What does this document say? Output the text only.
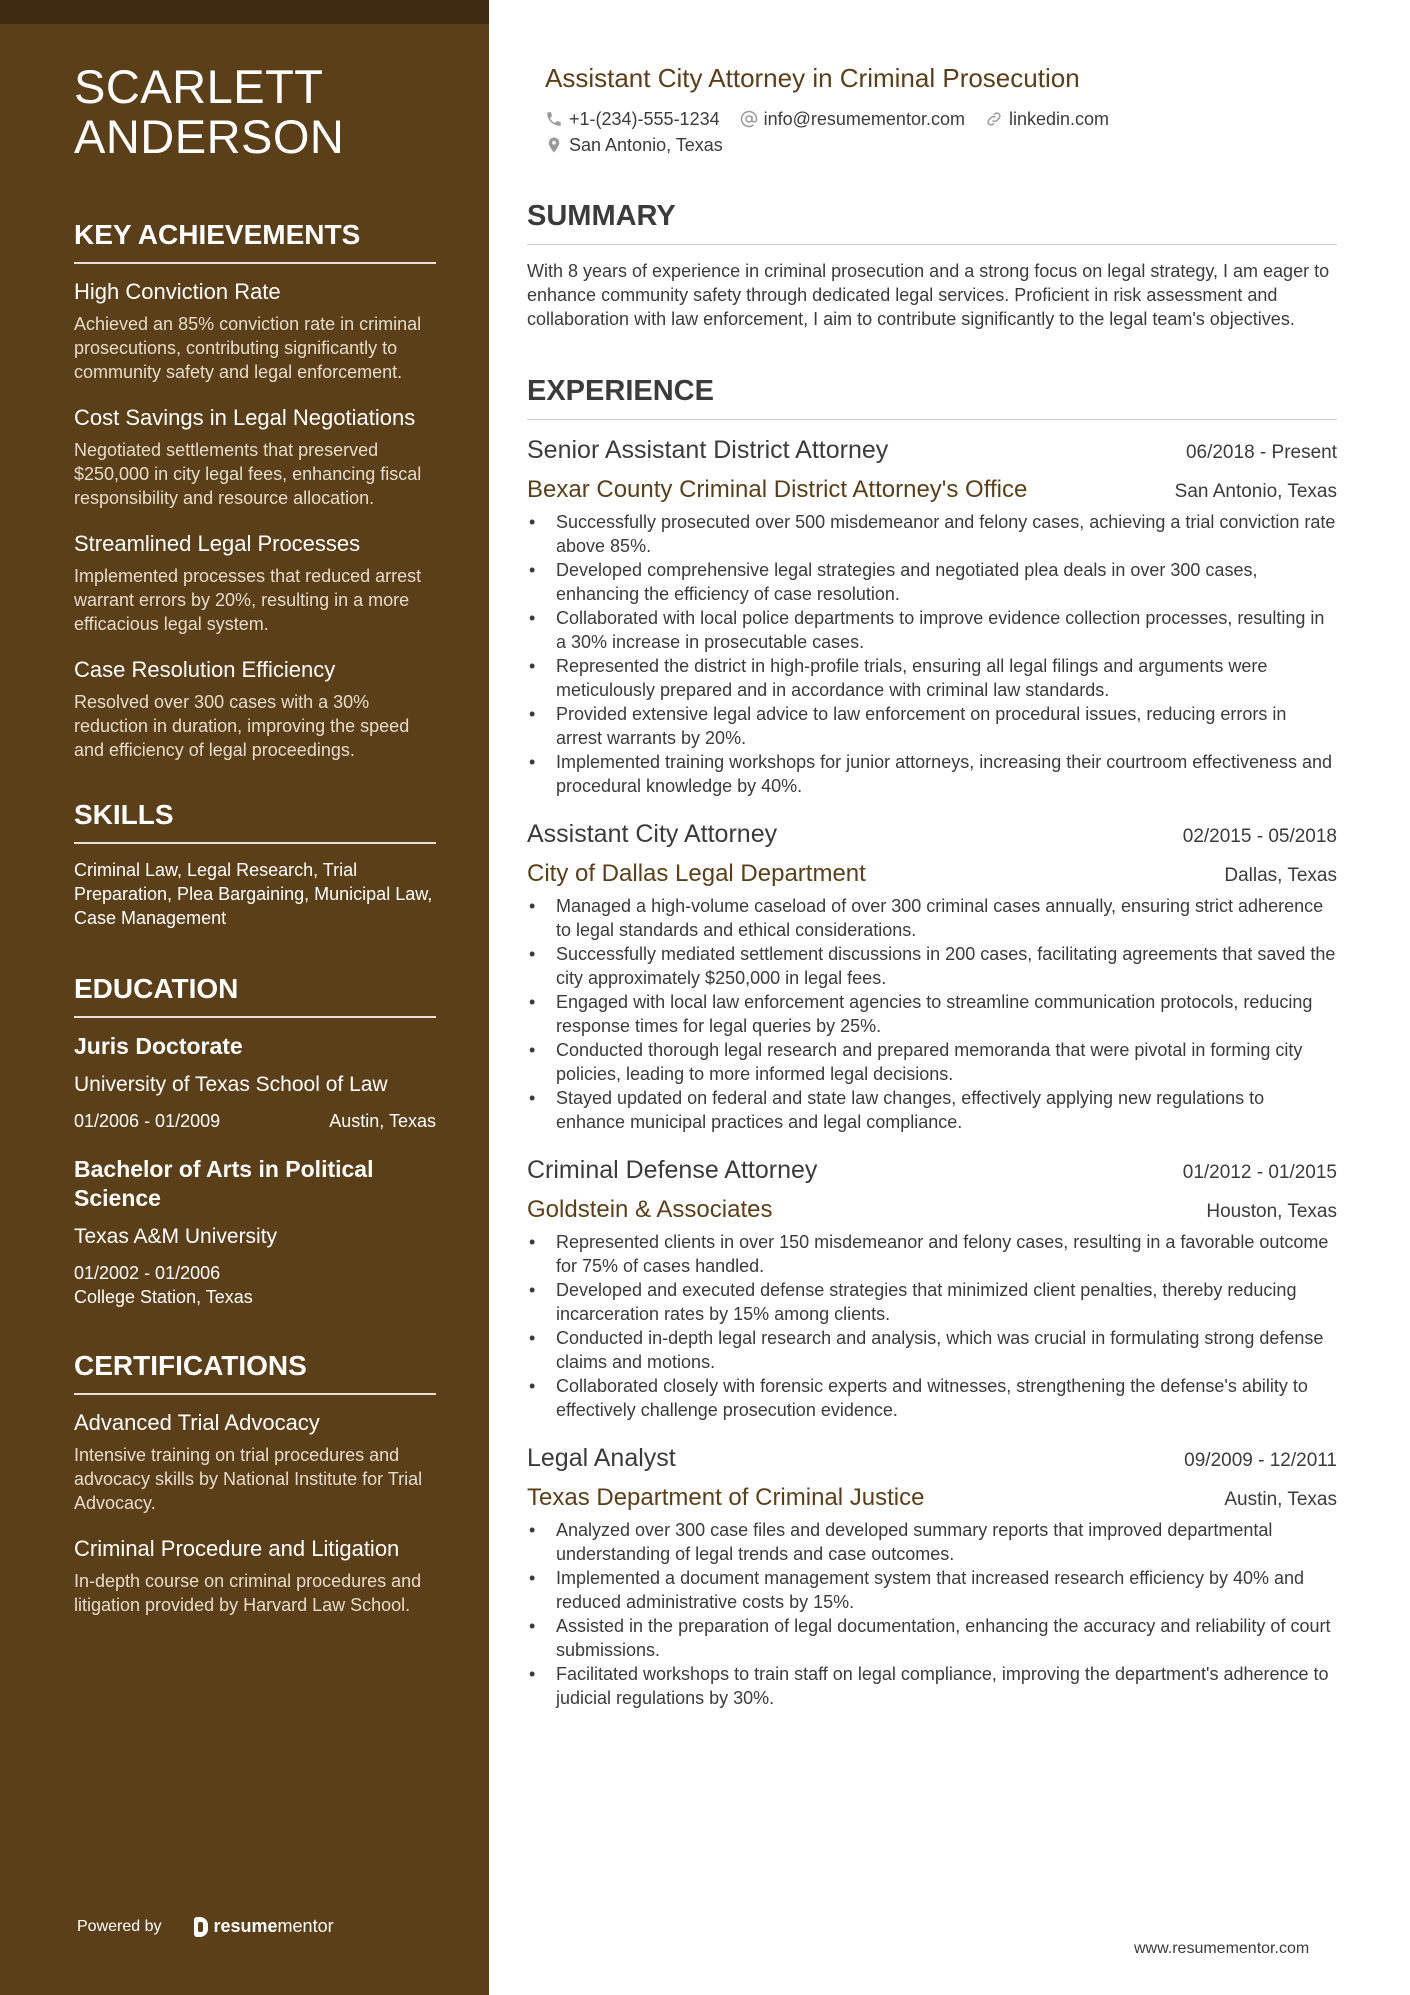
SCARLETT
ANDERSON
KEY ACHIEVEMENTS
High Conviction Rate
Achieved an 85% conviction rate in criminal prosecutions, contributing significantly to community safety and legal enforcement.
Cost Savings in Legal Negotiations
Negotiated settlements that preserved $250,000 in city legal fees, enhancing fiscal responsibility and resource allocation.
Streamlined Legal Processes
Implemented processes that reduced arrest warrant errors by 20%, resulting in a more efficacious legal system.
Case Resolution Efficiency
Resolved over 300 cases with a 30% reduction in duration, improving the speed and efficiency of legal proceedings.
SKILLS
Criminal Law, Legal Research, Trial Preparation, Plea Bargaining, Municipal Law, Case Management
EDUCATION
Juris Doctorate
University of Texas School of Law
01/2006 - 01/2009	Austin, Texas
Bachelor of Arts in Political Science
Texas A&M University
01/2002 - 01/2006
College Station, Texas
CERTIFICATIONS
Advanced Trial Advocacy
Intensive training on trial procedures and advocacy skills by National Institute for Trial Advocacy.
Criminal Procedure and Litigation
In-depth course on criminal procedures and litigation provided by Harvard Law School.
Powered by	resume mentor
Assistant City Attorney in Criminal Prosecution
+1-(234)-555-1234 info@resumementor.com linkedin.com
San Antonio, Texas
SUMMARY

With 8 years of experience in criminal prosecution and a strong focus on legal strategy, I am eager to enhance community safety through dedicated legal services. Proficient in risk assessment and collaboration with law enforcement, I aim to contribute significantly to the legal team's objectives.

EXPERIENCE
Senior Assistant District Attorney	06/2018 - Present
Bexar County Criminal District Attorney's Office	San Antonio, Texas
• Successfully prosecuted over 500 misdemeanor and felony cases, achieving a trial conviction rate above 85%.
• Developed comprehensive legal strategies and negotiated plea deals in over 300 cases, enhancing the efficiency of case resolution.
• Collaborated with local police departments to improve evidence collection processes, resulting in a 30% increase in prosecutable cases.
• Represented the district in high-profile trials, ensuring all legal filings and arguments were meticulously prepared and in accordance with criminal law standards.
• Provided extensive legal advice to law enforcement on procedural issues, reducing errors in arrest warrants by 20%.
• Implemented training workshops for junior attorneys, increasing their courtroom effectiveness and procedural knowledge by 40%.
Assistant City Attorney	02/2015 - 05/2018
City of Dallas Legal Department	Dallas, Texas
• Managed a high-volume caseload of over 300 criminal cases annually, ensuring strict adherence to legal standards and ethical considerations.
• Successfully mediated settlement discussions in 200 cases, facilitating agreements that saved the city approximately $250,000 in legal fees.
• Engaged with local law enforcement agencies to streamline communication protocols, reducing response times for legal queries by 25%.
• Conducted thorough legal research and prepared memoranda that were pivotal in forming city policies, leading to more informed legal decisions.
• Stayed updated on federal and state law changes, effectively applying new regulations to enhance municipal practices and legal compliance.
Criminal Defense Attorney	01/2012 - 01/2015
Goldstein & Associates	Houston, Texas
• Represented clients in over 150 misdemeanor and felony cases, resulting in a favorable outcome for 75% of cases handled.
• Developed and executed defense strategies that minimized client penalties, thereby reducing incarceration rates by 15% among clients.
• Conducted in-depth legal research and analysis, which was crucial in formulating strong defense claims and motions.
• Collaborated closely with forensic experts and witnesses, strengthening the defense's ability to effectively challenge prosecution evidence.
Legal Analyst	09/2009 - 12/2011
Texas Department of Criminal Justice	Austin, Texas
• Analyzed over 300 case files and developed summary reports that improved departmental understanding of legal trends and case outcomes.
• Implemented a document management system that increased research efficiency by 40% and reduced administrative costs by 15%.
• Assisted in the preparation of legal documentation, enhancing the accuracy and reliability of court submissions.
• Facilitated workshops to train staff on legal compliance, improving the department's adherence to judicial regulations by 30%.
www.resumementor.com
